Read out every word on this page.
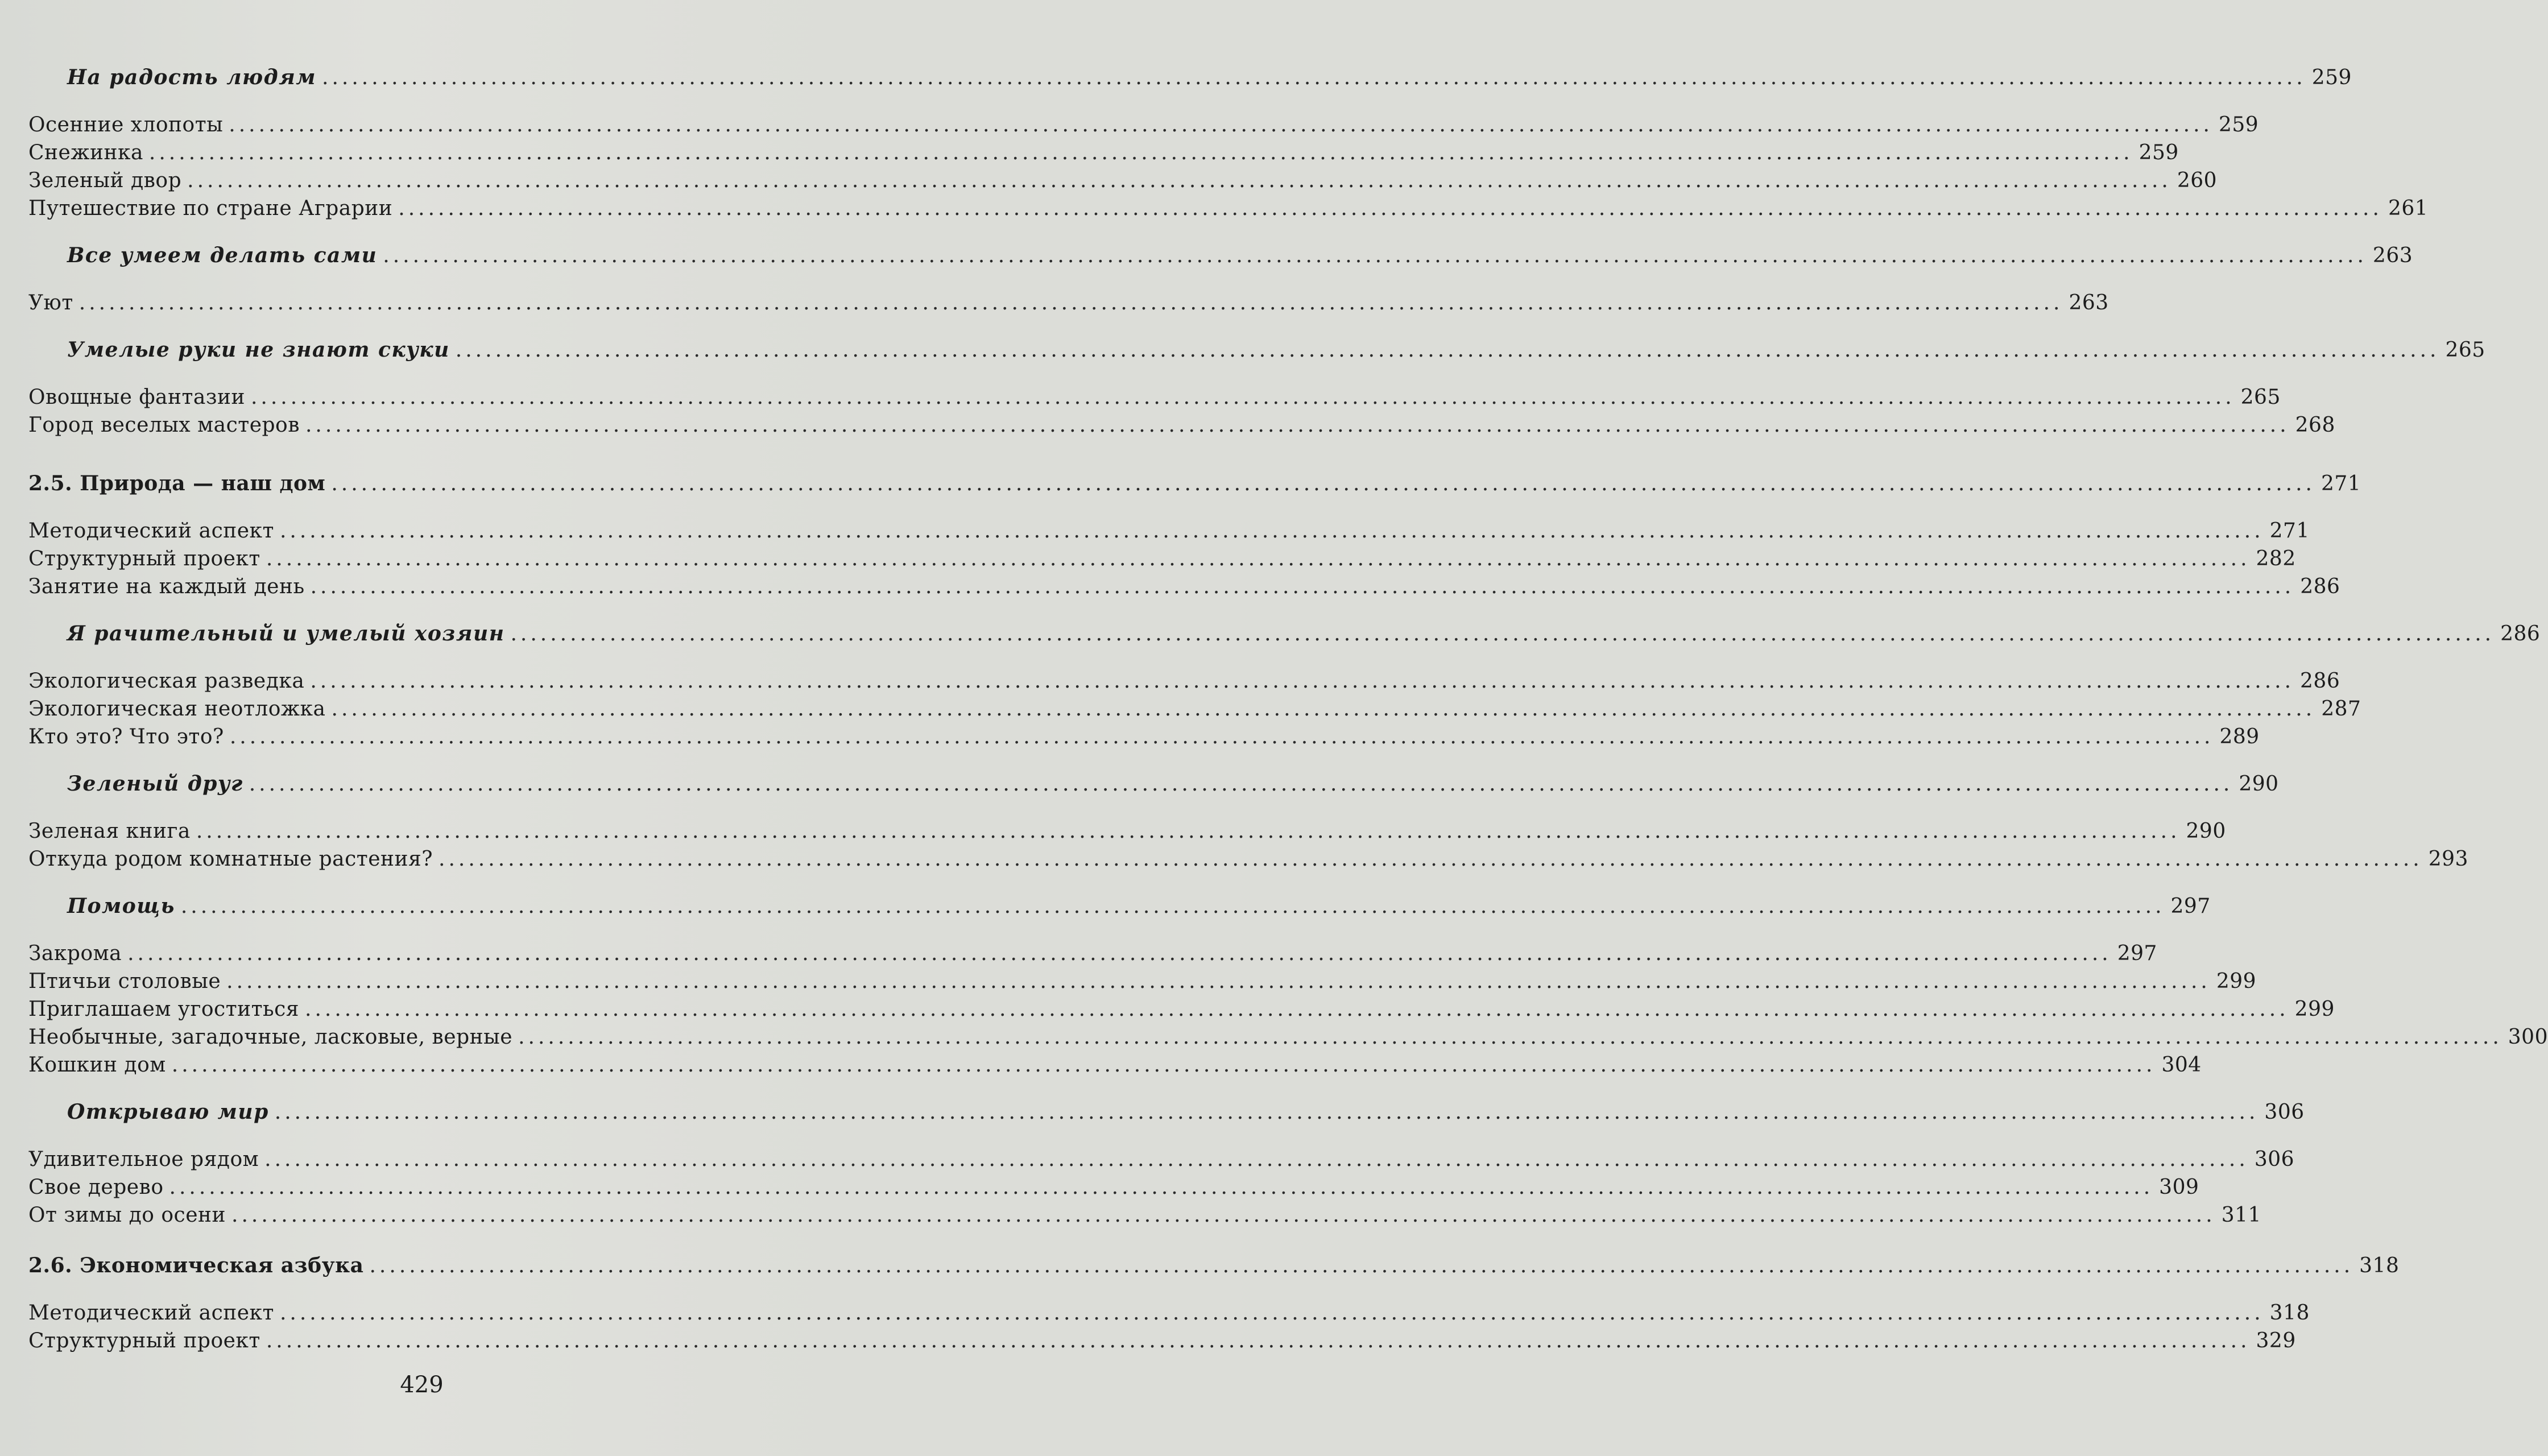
На радость людям ........................................................................................................................................................................................................ 259
Осенние хлопоты ........................................................................................................................................................................................................ 259
Снежинка ........................................................................................................................................................................................................ 259
Зеленый двор ........................................................................................................................................................................................................ 260
Путешествие по стране Аграрии ........................................................................................................................................................................................................ 261
Все умеем делать сами ........................................................................................................................................................................................................ 263
Уют ........................................................................................................................................................................................................ 263
Умелые руки не знают скуки ........................................................................................................................................................................................................ 265
Овощные фантазии ........................................................................................................................................................................................................ 265
Город веселых мастеров ........................................................................................................................................................................................................ 268
2.5. Природа — наш дом ........................................................................................................................................................................................................ 271
Методический аспект ........................................................................................................................................................................................................ 271
Структурный проект ........................................................................................................................................................................................................ 282
Занятие на каждый день ........................................................................................................................................................................................................ 286
Я рачительный и умелый хозяин ........................................................................................................................................................................................................ 286
Экологическая разведка ........................................................................................................................................................................................................ 286
Экологическая неотложка ........................................................................................................................................................................................................ 287
Кто это? Что это? ........................................................................................................................................................................................................ 289
Зеленый друг ........................................................................................................................................................................................................ 290
Зеленая книга ........................................................................................................................................................................................................ 290
Откуда родом комнатные растения? ........................................................................................................................................................................................................ 293
Помощь ........................................................................................................................................................................................................ 297
Закрома ........................................................................................................................................................................................................ 297
Птичьи столовые ........................................................................................................................................................................................................ 299
Приглашаем угоститься ........................................................................................................................................................................................................ 299
Необычные, загадочные, ласковые, верные ........................................................................................................................................................................................................ 300
Кошкин дом ........................................................................................................................................................................................................ 304
Открываю мир ........................................................................................................................................................................................................ 306
Удивительное рядом ........................................................................................................................................................................................................ 306
Свое дерево ........................................................................................................................................................................................................ 309
От зимы до осени ........................................................................................................................................................................................................ 311
2.6. Экономическая азбука ........................................................................................................................................................................................................ 318
Методический аспект ........................................................................................................................................................................................................ 318
Структурный проект ........................................................................................................................................................................................................ 329
429
